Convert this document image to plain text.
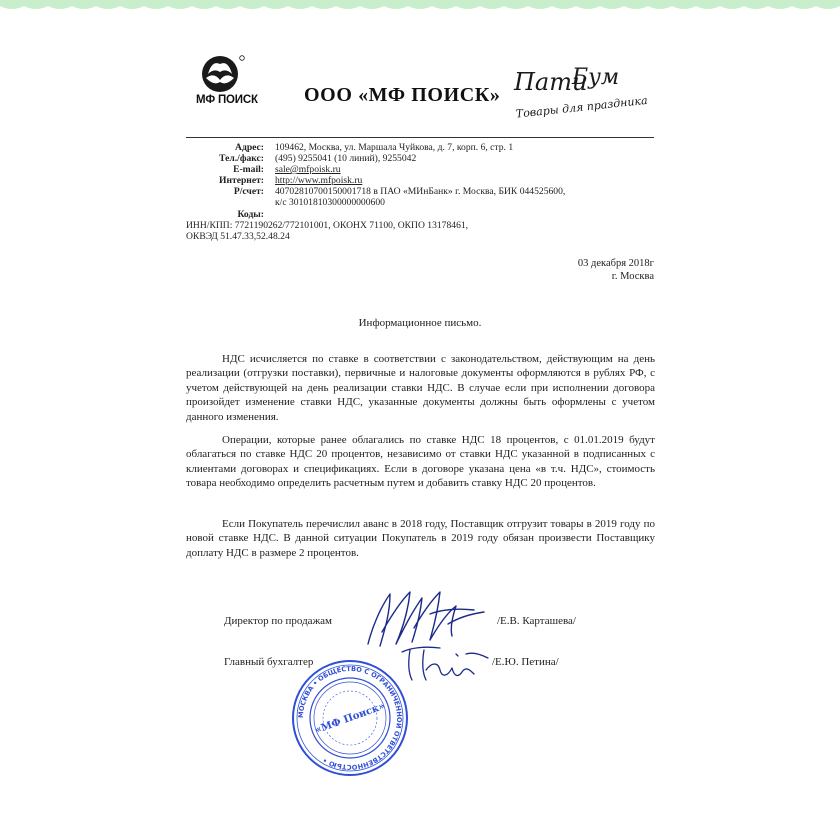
МФ ПОИСК ООО «МФ ПОИСК» Пати
Бум
Товары для праздника
Адрес: 109462, Москва, ул. Маршала Чуйкова, д. 7, корп. 6, стр. 1
Тел./факс: (495) 9255041 (10 линий), 9255042
E-mail: sale@mfpoisk.ru
Интернет: http://www.mfpoisk.ru
Р/счет: 40702810700150001718 в ПАО «МИнБанк» г. Москва, БИК 044525600,
к/с 30101810300000000600
Коды:
ИНН/КПП: 7721190262/772101001, ОКОНХ 71100, ОКПО 13178461,
ОКВЭД 51.47.33,52.48.24
03 декабря 2018г
г. Москва
Информационное письмо.

НДС исчисляется по ставке в соответствии с законодательством, действующим на день реализации (отгрузки поставки), первичные и налоговые документы оформляются в рублях РФ, с учетом действующей на день реализации ставки НДС. В случае если при исполнении договора произойдет изменение ставки НДС, указанные документы должны быть оформлены с учетом данного изменения.

Операции, которые ранее облагались по ставке НДС 18 процентов, с 01.01.2019 будут облагаться по ставке НДС 20 процентов, независимо от ставки НДС указанной в подписанных с клиентами договорах и спецификациях. Если в договоре указана цена «в т.ч. НДС», стоимость товара необходимо определить расчетным путем и добавить ставку НДС 20 процентов.

Если Покупатель перечислил аванс в 2018 году, Поставщик отгрузит товары в 2019 году по новой ставке НДС. В данной ситуации Покупатель в 2019 году обязан произвести Поставщику доплату НДС в размере 2 процентов.

Директор по продажам	/Е.В. Карташева/
Главный бухгалтер	/Е.Ю. Петина/
МОСКВА • ОБЩЕСТВО С ОГРАНИЧЕННОЙ ОТВЕТСТВЕННОСТЬЮ •
«МФ Поиск»
